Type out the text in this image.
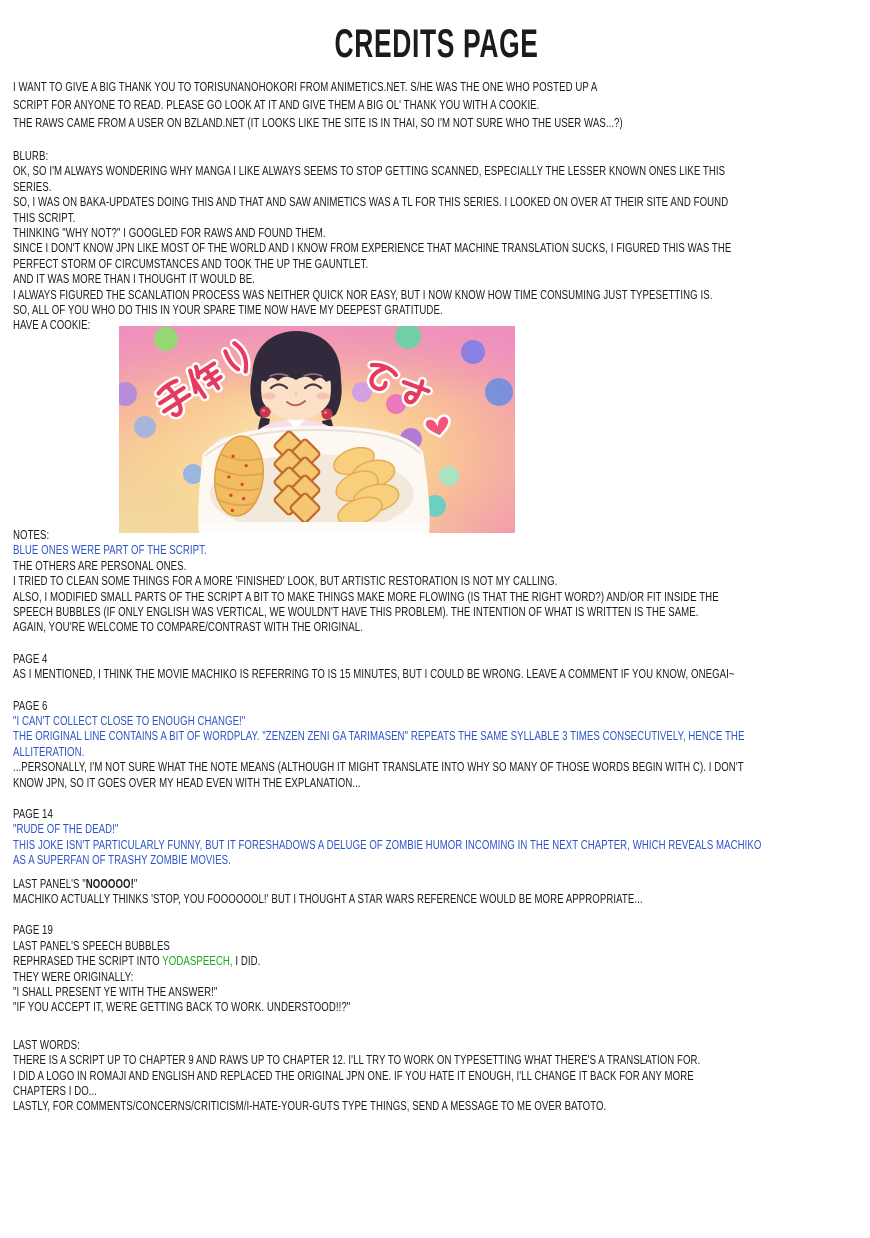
CREDITS PAGE
I WANT TO GIVE A BIG THANK YOU TO TORISUNANOHOKORI FROM ANIMETICS.NET. S/HE WAS THE ONE WHO POSTED UP A
SCRIPT FOR ANYONE TO READ. PLEASE GO LOOK AT IT AND GIVE THEM A BIG OL' THANK YOU WITH A COOKIE.
THE RAWS CAME FROM A USER ON BZLAND.NET (IT LOOKS LIKE THE SITE IS IN THAI, SO I'M NOT SURE WHO THE USER WAS...?)
BLURB:
OK, SO I'M ALWAYS WONDERING WHY MANGA I LIKE ALWAYS SEEMS TO STOP GETTING SCANNED, ESPECIALLY THE LESSER KNOWN ONES LIKE THIS
SERIES.
SO, I WAS ON BAKA-UPDATES DOING THIS AND THAT AND SAW ANIMETICS WAS A TL FOR THIS SERIES. I LOOKED ON OVER AT THEIR SITE AND FOUND
THIS SCRIPT.
THINKING "WHY NOT?" I GOOGLED FOR RAWS AND FOUND THEM.
SINCE I DON'T KNOW JPN LIKE MOST OF THE WORLD AND I KNOW FROM EXPERIENCE THAT MACHINE TRANSLATION SUCKS, I FIGURED THIS WAS THE
PERFECT STORM OF CIRCUMSTANCES AND TOOK THE UP THE GAUNTLET.
AND IT WAS MORE THAN I THOUGHT IT WOULD BE.
I ALWAYS FIGURED THE SCANLATION PROCESS WAS NEITHER QUICK NOR EASY, BUT I NOW KNOW HOW TIME CONSUMING JUST TYPESETTING IS.
SO, ALL OF YOU WHO DO THIS IN YOUR SPARE TIME NOW HAVE MY DEEPEST GRATITUDE.
HAVE A COOKIE:
NOTES:
BLUE ONES WERE PART OF THE SCRIPT.
THE OTHERS ARE PERSONAL ONES.
I TRIED TO CLEAN SOME THINGS FOR A MORE 'FINISHED' LOOK, BUT ARTISTIC RESTORATION IS NOT MY CALLING.
ALSO, I MODIFIED SMALL PARTS OF THE SCRIPT A BIT TO MAKE THINGS MAKE MORE FLOWING (IS THAT THE RIGHT WORD?) AND/OR FIT INSIDE THE
SPEECH BUBBLES (IF ONLY ENGLISH WAS VERTICAL, WE WOULDN'T HAVE THIS PROBLEM). THE INTENTION OF WHAT IS WRITTEN IS THE SAME.
AGAIN, YOU'RE WELCOME TO COMPARE/CONTRAST WITH THE ORIGINAL.
PAGE 4
AS I MENTIONED, I THINK THE MOVIE MACHIKO IS REFERRING TO IS 15 MINUTES, BUT I COULD BE WRONG. LEAVE A COMMENT IF YOU KNOW, ONEGAI~
PAGE 6
"I CAN'T COLLECT CLOSE TO ENOUGH CHANGE!"
THE ORIGINAL LINE CONTAINS A BIT OF WORDPLAY. "ZENZEN ZENI GA TARIMASEN" REPEATS THE SAME SYLLABLE 3 TIMES CONSECUTIVELY, HENCE THE
ALLITERATION.
...PERSONALLY, I'M NOT SURE WHAT THE NOTE MEANS (ALTHOUGH IT MIGHT TRANSLATE INTO WHY SO MANY OF THOSE WORDS BEGIN WITH C). I DON'T
KNOW JPN, SO IT GOES OVER MY HEAD EVEN WITH THE EXPLANATION...
PAGE 14
"RUDE OF THE DEAD!"
THIS JOKE ISN'T PARTICULARLY FUNNY, BUT IT FORESHADOWS A DELUGE OF ZOMBIE HUMOR INCOMING IN THE NEXT CHAPTER, WHICH REVEALS MACHIKO
AS A SUPERFAN OF TRASHY ZOMBIE MOVIES.
LAST PANEL'S "NOOOOO!"
MACHIKO ACTUALLY THINKS 'STOP, YOU FOOOOOOL!' BUT I THOUGHT A STAR WARS REFERENCE WOULD BE MORE APPROPRIATE...
PAGE 19
LAST PANEL'S SPEECH BUBBLES
REPHRASED THE SCRIPT INTO YODASPEECH, I DID.
THEY WERE ORIGINALLY:
"I SHALL PRESENT YE WITH THE ANSWER!"
"IF YOU ACCEPT IT, WE'RE GETTING BACK TO WORK. UNDERSTOOD!!?"
LAST WORDS:
THERE IS A SCRIPT UP TO CHAPTER 9 AND RAWS UP TO CHAPTER 12. I'LL TRY TO WORK ON TYPESETTING WHAT THERE'S A TRANSLATION FOR.
I DID A LOGO IN ROMAJI AND ENGLISH AND REPLACED THE ORIGINAL JPN ONE. IF YOU HATE IT ENOUGH, I'LL CHANGE IT BACK FOR ANY MORE
CHAPTERS I DO...
LASTLY, FOR COMMENTS/CONCERNS/CRITICISM/I-HATE-YOUR-GUTS TYPE THINGS, SEND A MESSAGE TO ME OVER BATOTO.
